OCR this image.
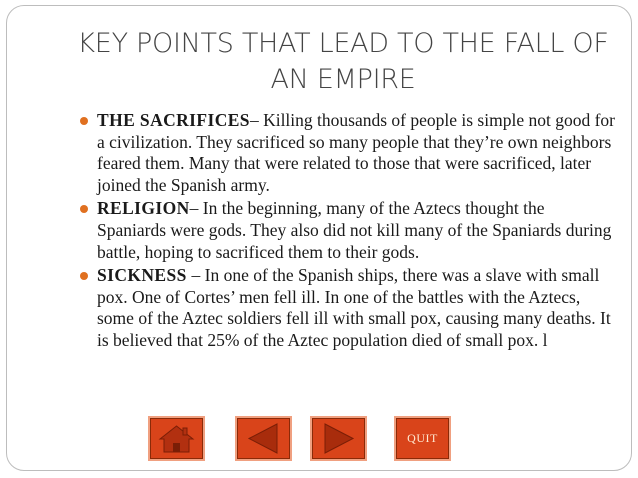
KEY POINTS THAT LEAD TO THE FALL OF AN EMPIRE
THE SACRIFICES– Killing thousands of people is simple not good for a civilization. They sacrificed so many people that they’re own neighbors feared them. Many that were related to those that were sacrificed, later joined the Spanish army.
RELIGION– In the beginning, many of the Aztecs thought the Spaniards were gods. They also did not kill many of the Spaniards during battle, hoping to sacrificed them to their gods.
SICKNESS – In one of the Spanish ships, there was a slave with small pox. One of Cortes’ men fell ill. In one of the battles with the Aztecs, some of the Aztec soldiers fell ill with small pox, causing many deaths. It is believed that 25% of the Aztec population died of small pox. l
QUIT
